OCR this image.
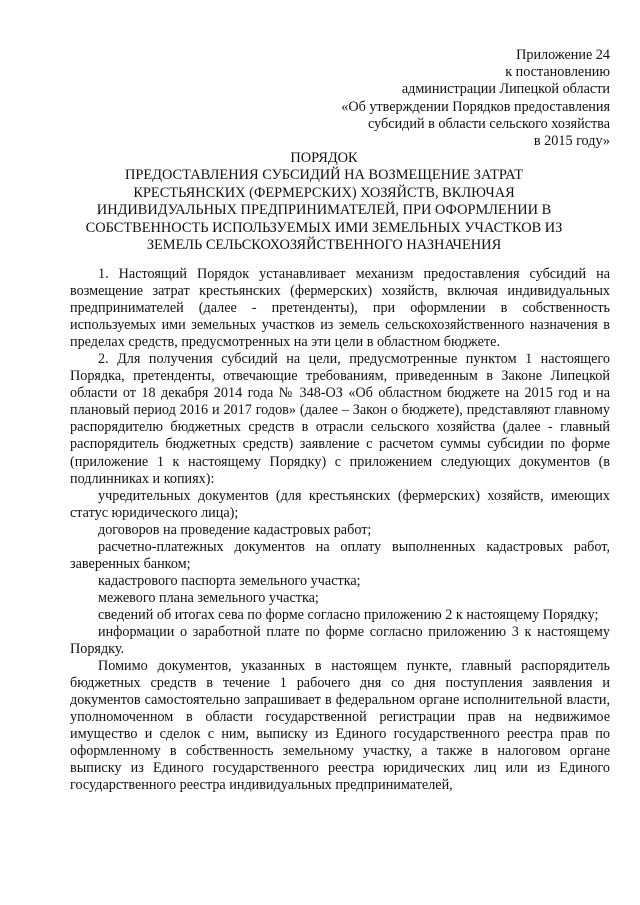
Приложение 24
к постановлению
администрации Липецкой области
«Об утверждении Порядков предоставления
субсидий в области сельского хозяйства
в 2015 году»
ПОРЯДОК
ПРЕДОСТАВЛЕНИЯ СУБСИДИЙ НА ВОЗМЕЩЕНИЕ ЗАТРАТ
КРЕСТЬЯНСКИХ (ФЕРМЕРСКИХ) ХОЗЯЙСТВ, ВКЛЮЧАЯ
ИНДИВИДУАЛЬНЫХ ПРЕДПРИНИМАТЕЛЕЙ, ПРИ ОФОРМЛЕНИИ В
СОБСТВЕННОСТЬ ИСПОЛЬЗУЕМЫХ ИМИ ЗЕМЕЛЬНЫХ УЧАСТКОВ ИЗ
ЗЕМЕЛЬ СЕЛЬСКОХОЗЯЙСТВЕННОГО НАЗНАЧЕНИЯ

1. Настоящий Порядок устанавливает механизм предоставления субсидий на возмещение затрат крестьянских (фермерских) хозяйств, включая индивидуальных предпринимателей (далее - претенденты), при оформлении в собственность используемых ими земельных участков из земель сельскохозяйственного назначения в пределах средств, предусмотренных на эти цели в областном бюджете.

2. Для получения субсидий на цели, предусмотренные пунктом 1 настоящего Порядка, претенденты, отвечающие требованиям, приведенным в Законе Липецкой области от 18 декабря 2014 года № 348-ОЗ «Об областном бюджете на 2015 год и на плановый период 2016 и 2017 годов» (далее – Закон о бюджете), представляют главному распорядителю бюджетных средств в отрасли сельского хозяйства (далее - главный распорядитель бюджетных средств) заявление с расчетом суммы субсидии по форме (приложение 1 к настоящему Порядку) с приложением следующих документов (в подлинниках и копиях):

учредительных документов (для крестьянских (фермерских) хозяйств, имеющих статус юридического лица);

договоров на проведение кадастровых работ;

расчетно-платежных документов на оплату выполненных кадастровых работ, заверенных банком;

кадастрового паспорта земельного участка;

межевого плана земельного участка;

сведений об итогах сева по форме согласно приложению 2 к настоящему Порядку;

информации о заработной плате по форме согласно приложению 3 к настоящему Порядку.

Помимо документов, указанных в настоящем пункте, главный распорядитель бюджетных средств в течение 1 рабочего дня со дня поступления заявления и документов самостоятельно запрашивает в федеральном органе исполнительной власти, уполномоченном в области государственной регистрации прав на недвижимое имущество и сделок с ним, выписку из Единого государственного реестра прав по оформленному в собственность земельному участку, а также в налоговом органе выписку из Единого государственного реестра юридических лиц или из Единого государственного реестра индивидуальных предпринимателей,
